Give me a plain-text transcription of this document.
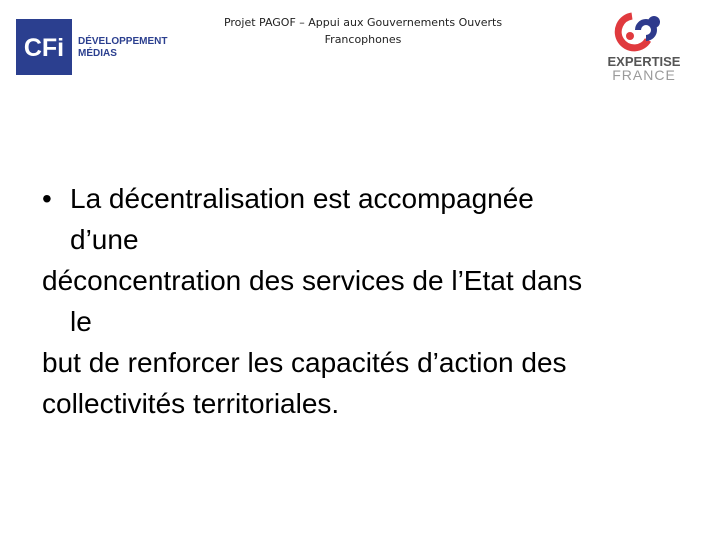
Projet PAGOF – Appui aux Gouvernements Ouverts
Francophones
CFi DÉVELOPPEMENT
MÉDIAS
EXPERTISE
FRANCE
• La décentralisation est accompagnée
d’une
déconcentration des services de l’Etat dans
le
but de renforcer les capacités d’action des
collectivités territoriales.
